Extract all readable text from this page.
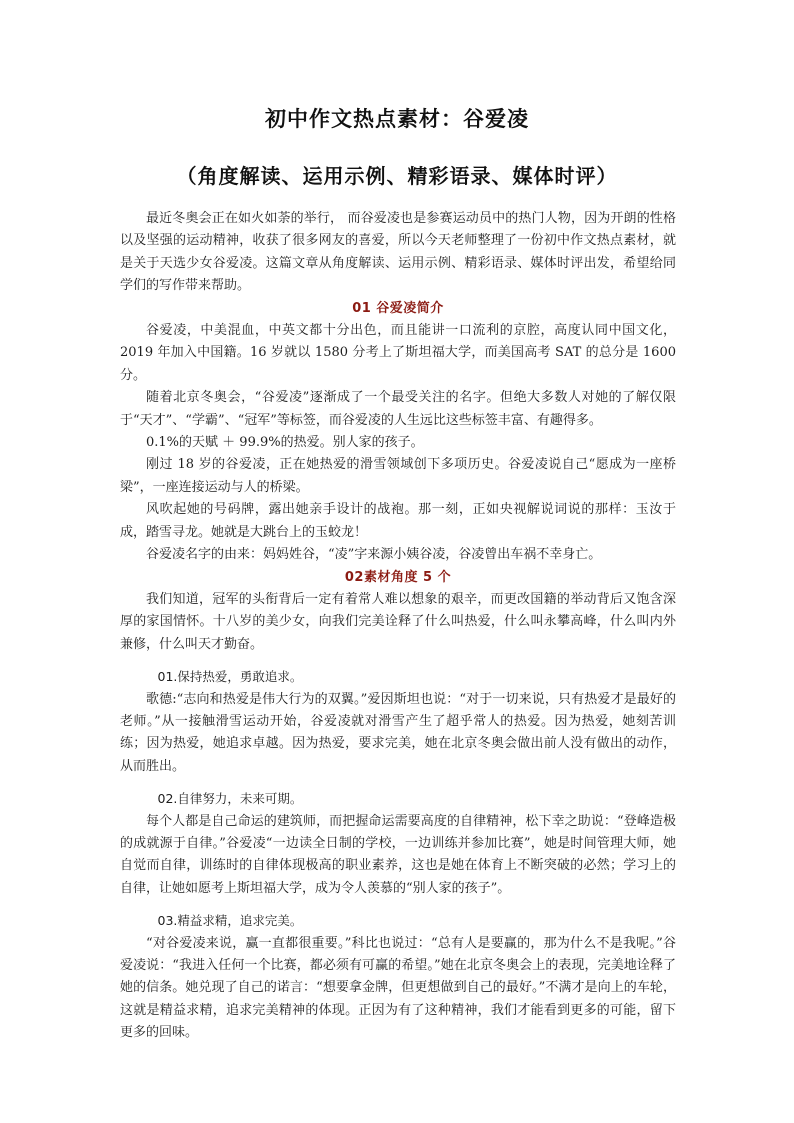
初中作文热点素材：谷爱凌
（角度解读、运用示例、精彩语录、媒体时评）

最近冬奥会正在如火如荼的举行， 而谷爱凌也是参赛运动员中的热门人物，因为开朗的性格以及坚强的运动精神，收获了很多网友的喜爱，所以今天老师整理了一份初中作文热点素材，就是关于天选少女谷爱凌。这篇文章从角度解读、运用示例、精彩语录、媒体时评出发，希望给同学们的写作带来帮助。

01 谷爱凌简介

谷爱凌，中美混血，中英文都十分出色，而且能讲一口流利的京腔，高度认同中国文化，2019 年加入中国籍。16 岁就以 1580 分考上了斯坦福大学，而美国高考 SAT 的总分是 1600 分。

随着北京冬奥会，“谷爱凌”逐渐成了一个最受关注的名字。但绝大多数人对她的了解仅限于“天才”、“学霸”、“冠军”等标签，而谷爱凌的人生远比这些标签丰富、有趣得多。

0.1%的天赋 ＋ 99.9%的热爱。别人家的孩子。

刚过 18 岁的谷爱凌，正在她热爱的滑雪领域创下多项历史。谷爱凌说自己“愿成为一座桥梁”，一座连接运动与人的桥梁。

风吹起她的号码牌，露出她亲手设计的战袍。那一刻，正如央视解说词说的那样：玉汝于成，踏雪寻龙。她就是大跳台上的玉蛟龙！

谷爱凌名字的由来：妈妈姓谷，“凌”字来源小姨谷凌，谷凌曾出车祸不幸身亡。

02素材角度 5 个

我们知道，冠军的头衔背后一定有着常人难以想象的艰辛，而更改国籍的举动背后又饱含深厚的家国情怀。十八岁的美少女，向我们完美诠释了什么叫热爱，什么叫永攀高峰，什么叫内外兼修，什么叫天才勤奋。

01.保持热爱，勇敢追求。

歌德:“志向和热爱是伟大行为的双翼。”爱因斯坦也说：“对于一切来说，只有热爱才是最好的老师。”从一接触滑雪运动开始，谷爱凌就对滑雪产生了超乎常人的热爱。因为热爱，她刻苦训练；因为热爱，她追求卓越。因为热爱，要求完美，她在北京冬奥会做出前人没有做出的动作，从而胜出。

02.自律努力，未来可期。

每个人都是自己命运的建筑师，而把握命运需要高度的自律精神，松下幸之助说：“登峰造极的成就源于自律。”谷爱凌“一边读全日制的学校，一边训练并参加比赛”，她是时间管理大师，她自觉而自律，训练时的自律体现极高的职业素养，这也是她在体育上不断突破的必然；学习上的自律，让她如愿考上斯坦福大学，成为令人羡慕的“别人家的孩子”。

03.精益求精，追求完美。

“对谷爱凌来说，赢一直都很重要。”科比也说过：“总有人是要赢的，那为什么不是我呢。”谷爱凌说：“我进入任何一个比赛，都必须有可赢的希望。”她在北京冬奥会上的表现，完美地诠释了她的信条。她兑现了自己的诺言：“想要拿金牌，但更想做到自己的最好。”不满才是向上的车轮，这就是精益求精，追求完美精神的体现。正因为有了这种精神，我们才能看到更多的可能，留下更多的回味。
